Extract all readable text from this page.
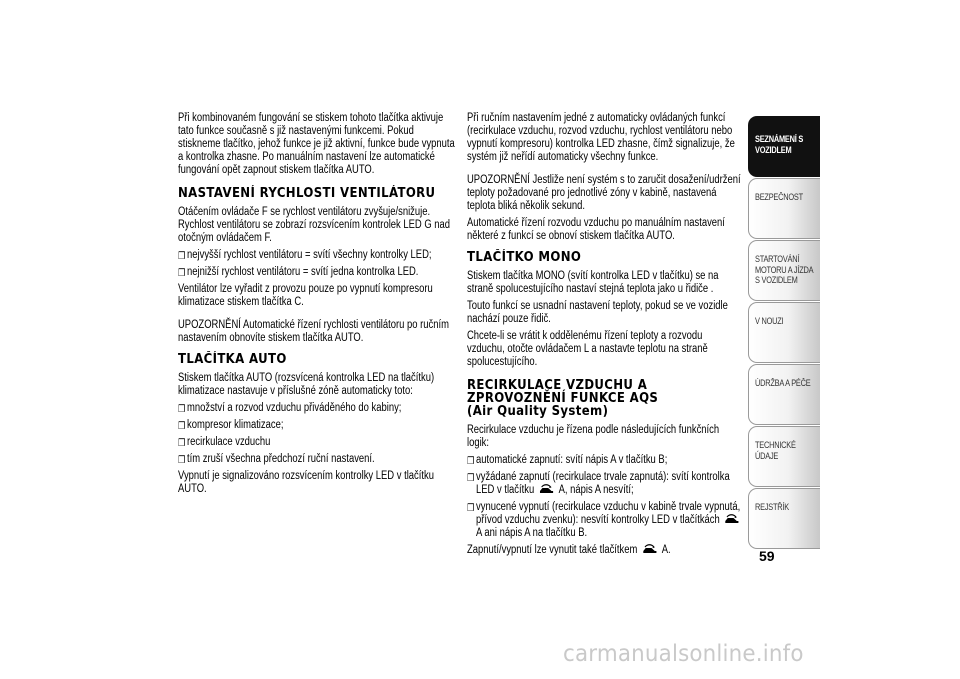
Při kombinovaném fungování se stiskem tohoto tlačítka aktivuje tato funkce současně s již nastavenými funkcemi. Pokud stiskneme tlačítko, jehož funkce je již aktivní, funkce bude vypnuta a kontrolka zhasne. Po manuálním nastavení lze automatické fungování opět zapnout stiskem tlačítka AUTO.

NASTAVENÍ RYCHLOSTI VENTILÁTORU

Otáčením ovládače F se rychlost ventilátoru zvyšuje/snižuje. Rychlost ventilátoru se zobrazí rozsvícením kontrolek LED G nad otočným ovládačem F.

❒ nejvyšší rychlost ventilátoru = svítí všechny kontrolky LED;
❒ nejnižší rychlost ventilátoru = svítí jedna kontrolka LED.

Ventilátor lze vyřadit z provozu pouze po vypnutí kompresoru klimatizace stiskem tlačítka C.

UPOZORNĚNÍ Automatické řízení rychlosti ventilátoru po ručním nastavením obnovíte stiskem tlačítka AUTO.

TLAČÍTKA AUTO

Stiskem tlačítka AUTO (rozsvícená kontrolka LED na tlačítku) klimatizace nastavuje v příslušné zóně automaticky toto:

❒ množství a rozvod vzduchu přiváděného do kabiny;
❒ kompresor klimatizace;
❒ recirkulace vzduchu
❒ tím zruší všechna předchozí ruční nastavení.

Vypnutí je signalizováno rozsvícením kontrolky LED v tlačítku AUTO.

Při ručním nastavením jedné z automaticky ovládaných funkcí (recirkulace vzduchu, rozvod vzduchu, rychlost ventilátoru nebo vypnutí kompresoru) kontrolka LED zhasne, čímž signalizuje, že systém již neřídí automaticky všechny funkce.

UPOZORNĚNÍ Jestliže není systém s to zaručit dosažení/udržení teploty požadované pro jednotlivé zóny v kabině, nastavená teplota bliká několik sekund.

Automatické řízení rozvodu vzduchu po manuálním nastavení některé z funkcí se obnoví stiskem tlačítka AUTO.

TLAČÍTKO MONO

Stiskem tlačítka MONO (svítí kontrolka LED v tlačítku) se na straně spolucestujícího nastaví stejná teplota jako u řidiče .

Touto funkcí se usnadní nastavení teploty, pokud se ve vozidle nachází pouze řidič.

Chcete-li se vrátit k oddělenému řízení teploty a rozvodu vzduchu, otočte ovládačem L a nastavte teplotu na straně spolucestujícího.

RECIRKULACE VZDUCHU A
ZPROVOZNĚNÍ FUNKCE AQS
(Air Quality System)

Recirkulace vzduchu je řízena podle následujících funkčních logik:

❒ automatické zapnutí: svítí nápis A v tlačítku B;
❒ vyžádané zapnutí (recirkulace trvale zapnutá): svítí kontrolka LED v tlačítku A, nápis A nesvítí;
❒ vynucené vypnutí (recirkulace vzduchu v kabině trvale vypnutá, přívod vzduchu zvenku): nesvítí kontrolky LED v tlačítkách  A ani nápis A na tlačítku B.

Zapnutí/vypnutí lze vynutit také tlačítkem A.

SEZNÁMENÍ S VOZIDLEM
BEZPEČNOST
STARTOVÁNÍ MOTORU A JÍZDA S VOZIDLEM
V NOUZI
ÚDRŽBA A PÉČE
TECHNICKÉ ÚDAJE
REJSTŘÍK
59
carmanualsonline.info
